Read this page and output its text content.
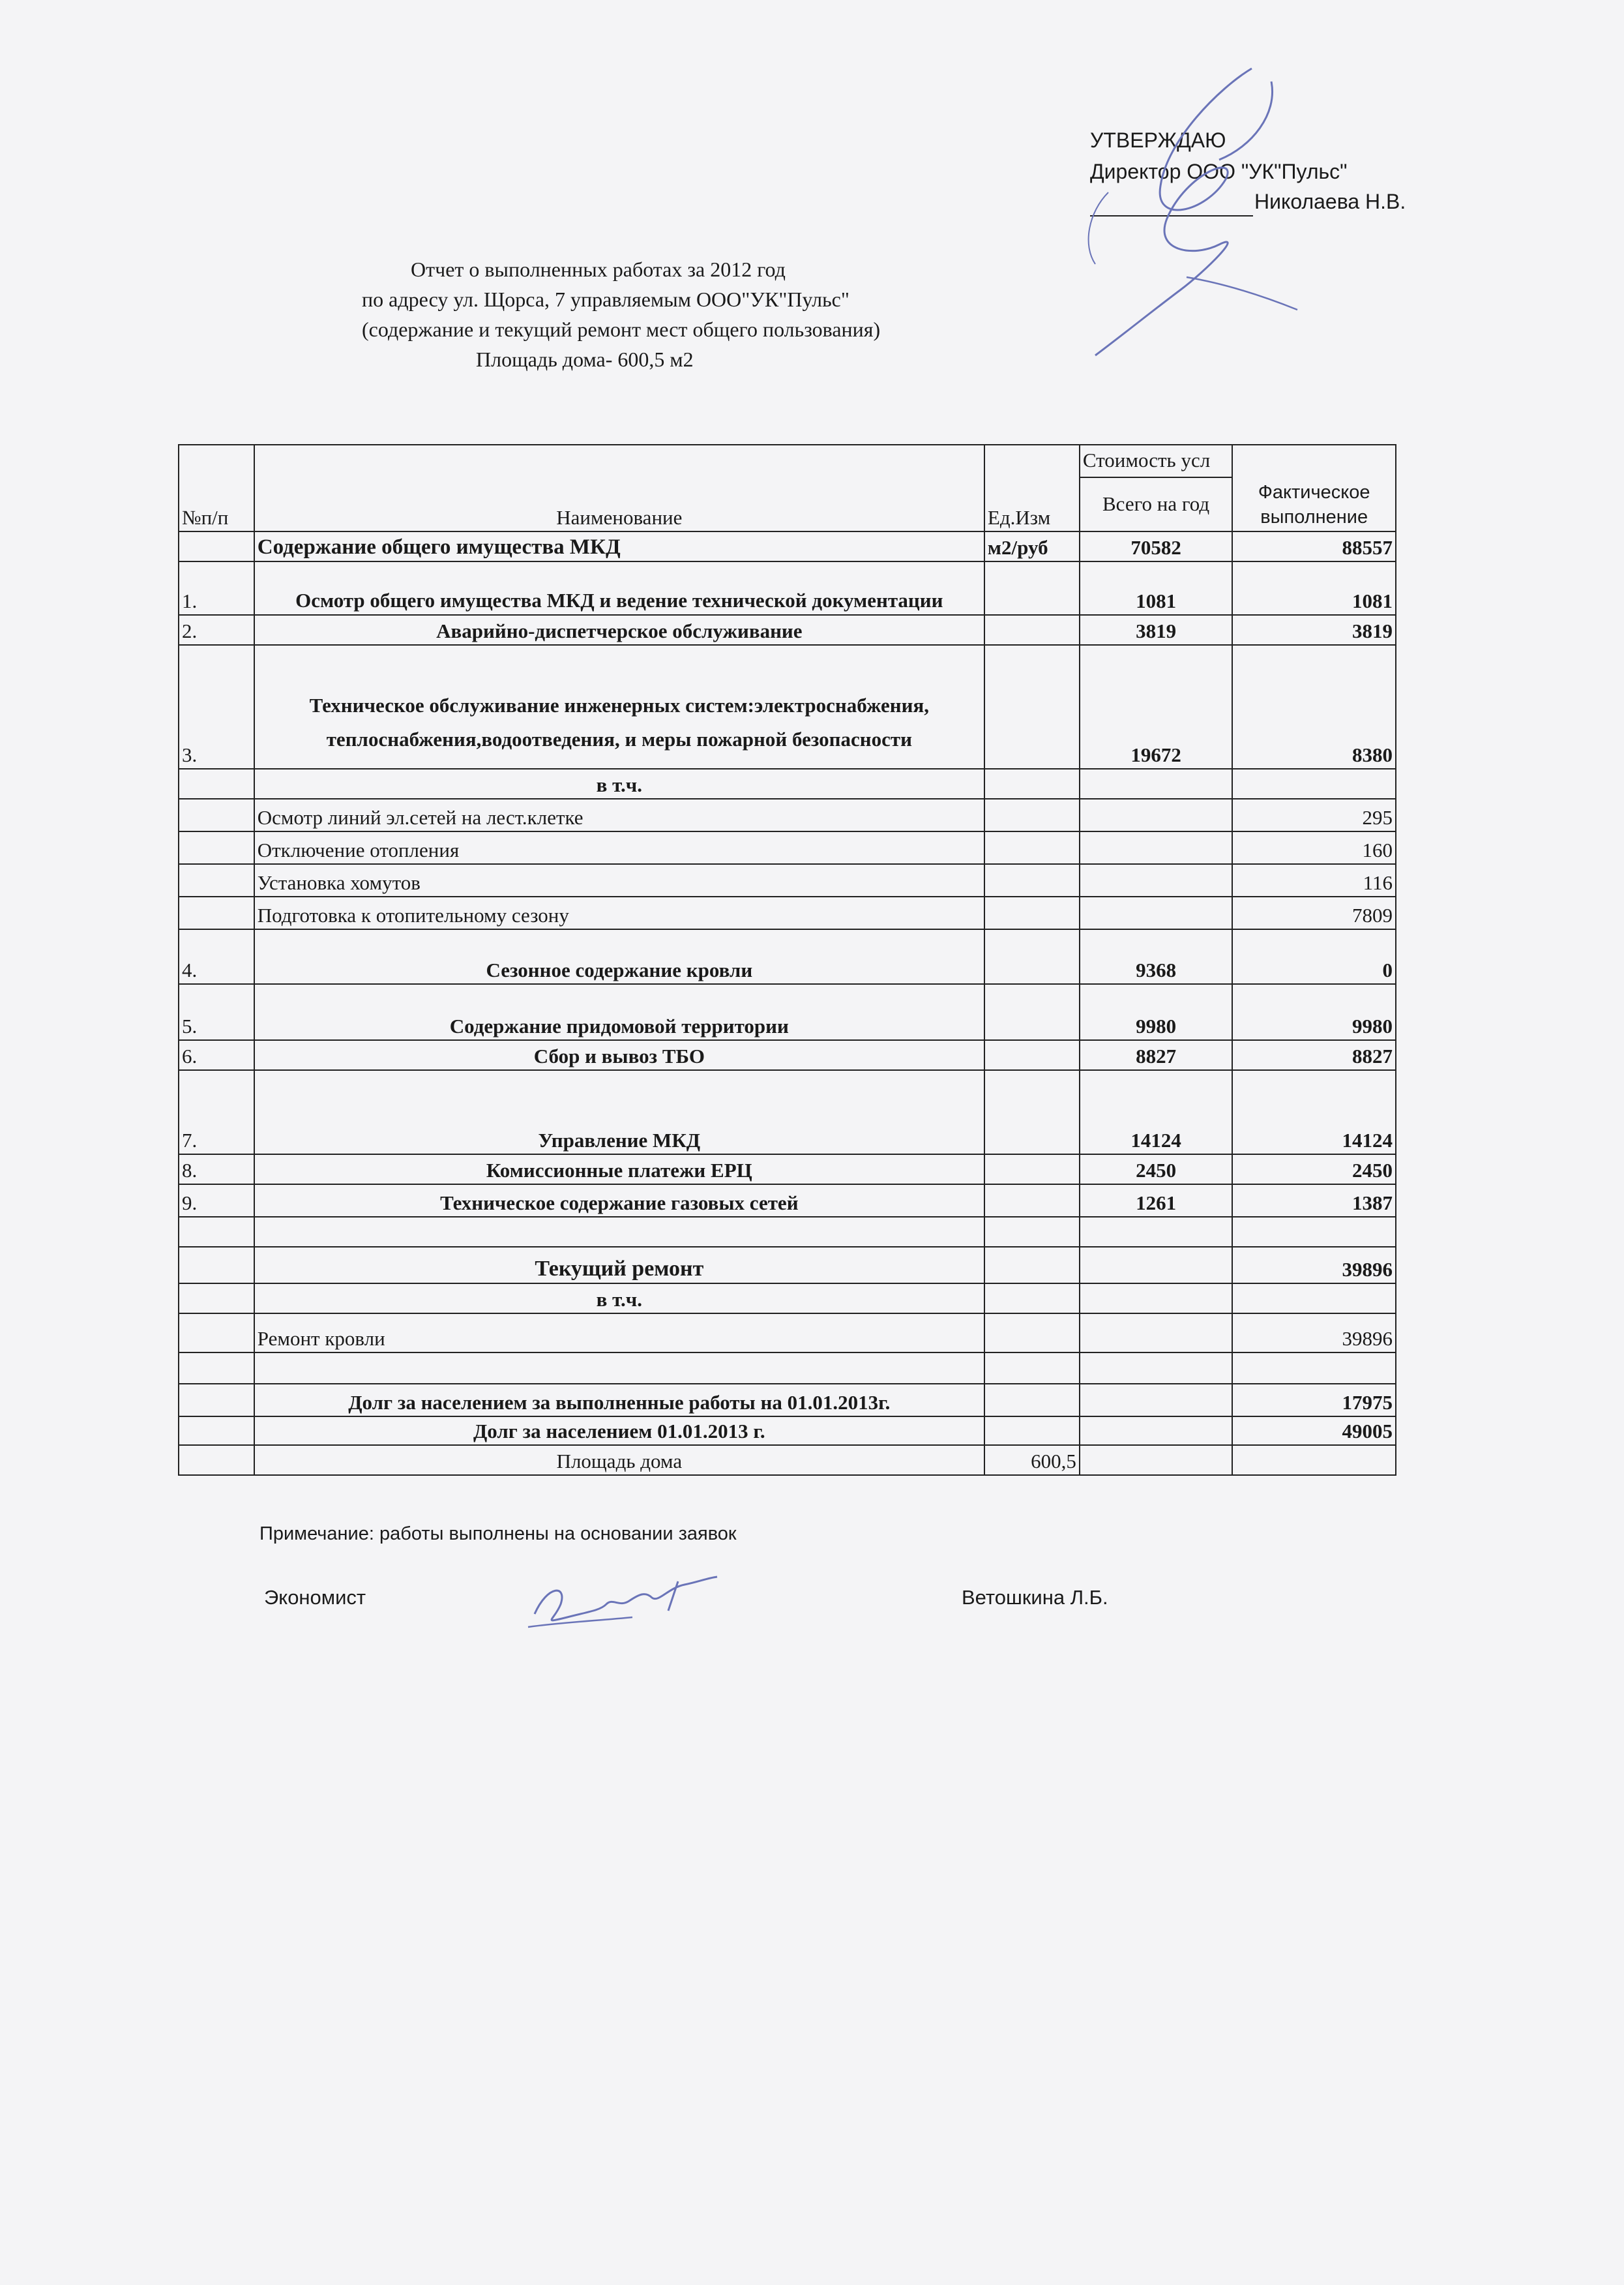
УТВЕРЖДАЮ
Директор ООО "УК"Пульс"
Николаева Н.В.
Отчет о выполненных работах за 2012 год
по адресу ул. Щорса, 7 управляемым ООО"УК"Пульс"
(содержание и текущий ремонт мест общего пользования)
Площадь дома- 600,5 м2
№п/п	Наименование	Ед.Изм	Стоимость усл	Фактическое выполнение
			Всего на год	
	Содержание общего имущества МКД	м2/руб	70582	88557
1.	Осмотр общего имущества МКД и ведение технической документации		1081	1081
2.	Аварийно-диспетчерское обслуживание		3819	3819
3.	Техническое обслуживание инженерных систем:электроснабжения, теплоснабжения,водоотведения, и меры пожарной безопасности		19672	8380
	в т.ч.			
	Осмотр линий эл.сетей на лест.клетке			295
	Отключение отопления			160
	Установка хомутов			116
	Подготовка к отопительному сезону			7809
4.	Сезонное содержание кровли		9368	0
5.	Содержание придомовой территории		9980	9980
6.	Сбор и вывоз ТБО		8827	8827
7.	Управление МКД		14124	14124
8.	Комиссионные платежи ЕРЦ		2450	2450
9.	Техническое содержание газовых сетей		1261	1387

	Текущий ремонт			39896
	в т.ч.			
	Ремонт кровли			39896

	Долг за населением за выполненные работы на 01.01.2013г.			17975
	Долг за населением 01.01.2013 г.			49005
	Площадь дома	600,5		
Примечание: работы выполнены на основании заявок
Экономист	Ветошкина Л.Б.
